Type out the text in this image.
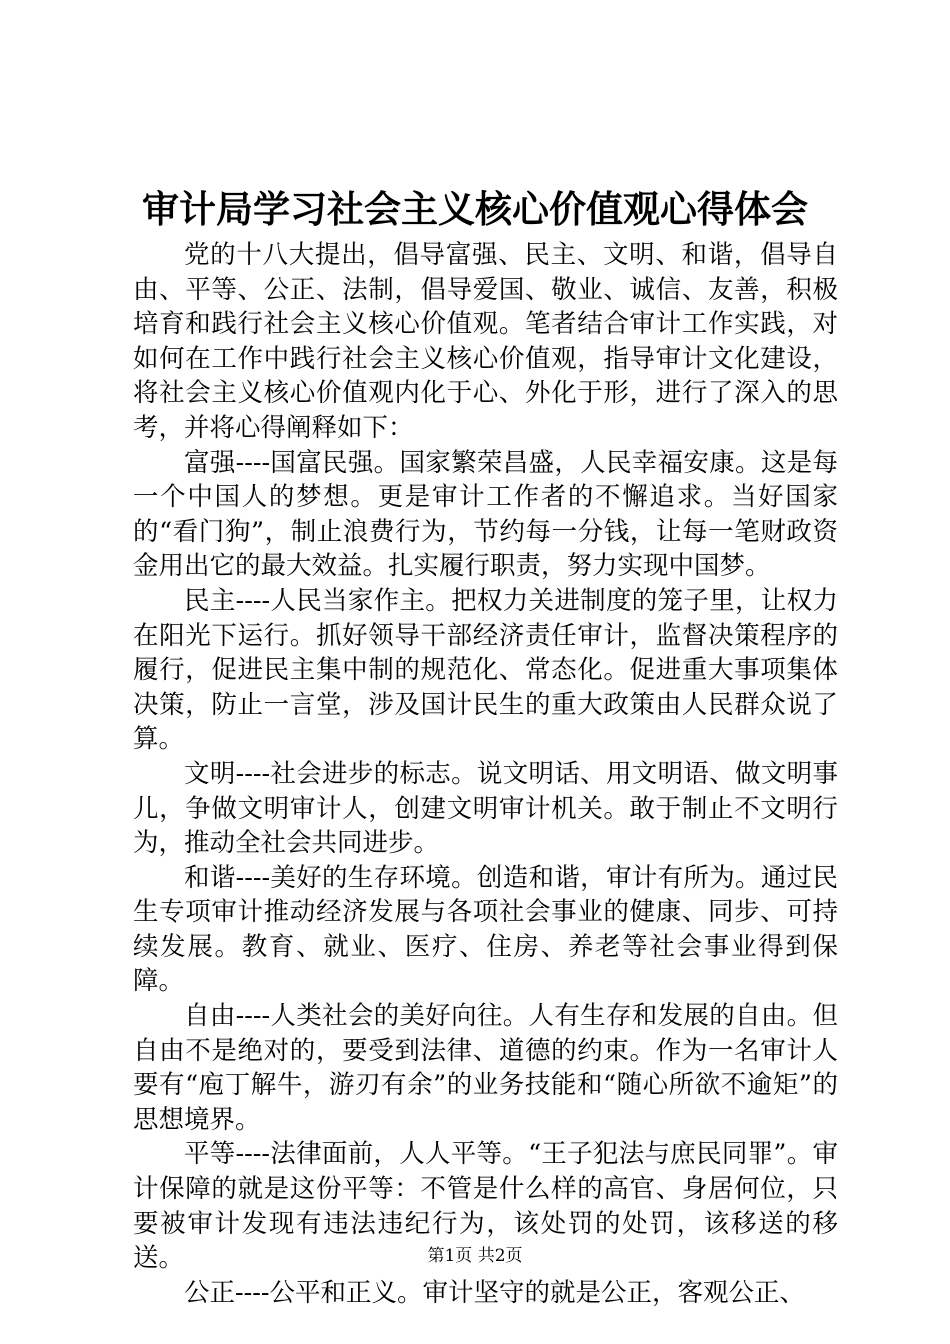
审计局学习社会主义核心价值观心得体会

党的十八大提出，倡导富强、民主、文明、和谐，倡导自由、平等、公正、法制，倡导爱国、敬业、诚信、友善，积极培育和践行社会主义核心价值观。笔者结合审计工作实践，对如何在工作中践行社会主义核心价值观，指导审计文化建设，将社会主义核心价值观内化于心、外化于形，进行了深入的思考，并将心得阐释如下：

富强----国富民强。国家繁荣昌盛，人民幸福安康。这是每一个中国人的梦想。更是审计工作者的不懈追求。当好国家的“看门狗”，制止浪费行为，节约每一分钱，让每一笔财政资金用出它的最大效益。扎实履行职责，努力实现中国梦。

民主----人民当家作主。把权力关进制度的笼子里，让权力在阳光下运行。抓好领导干部经济责任审计，监督决策程序的履行，促进民主集中制的规范化、常态化。促进重大事项集体决策，防止一言堂，涉及国计民生的重大政策由人民群众说了算。

文明----社会进步的标志。说文明话、用文明语、做文明事儿，争做文明审计人，创建文明审计机关。敢于制止不文明行为，推动全社会共同进步。

和谐----美好的生存环境。创造和谐，审计有所为。通过民生专项审计推动经济发展与各项社会事业的健康、同步、可持续发展。教育、就业、医疗、住房、养老等社会事业得到保障。

自由----人类社会的美好向往。人有生存和发展的自由。但自由不是绝对的，要受到法律、道德的约束。作为一名审计人要有“庖丁解牛，游刃有余”的业务技能和“随心所欲不逾矩”的思想境界。

平等----法律面前，人人平等。“王子犯法与庶民同罪”。审计保障的就是这份平等：不管是什么样的高官、身居何位，只要被审计发现有违法违纪行为，该处罚的处罚，该移送的移送。

公正----公平和正义。审计坚守的就是公正，客观公正、

第1页 共2页
